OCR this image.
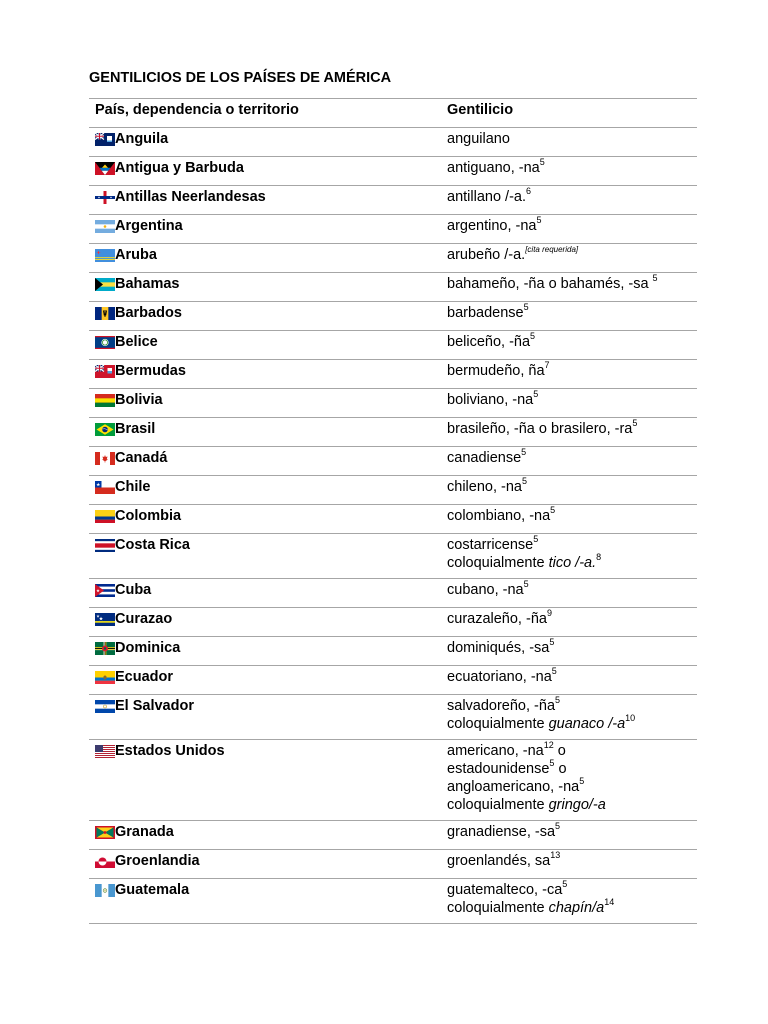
GENTILICIOS DE LOS PAÍSES DE AMÉRICA
País, dependencia o territorio	Gentilicio
Anguila	anguilano
Antigua y Barbuda	antiguano, $-na^5$
Antillas Neerlandesas	antillano /-a.$^6$
Argentina	argentino, $-na^5$
Aruba	arubeño /-a.[cita requerida]
Bahamas	bahameño, -ña o bahamés, -sa $^5$
Barbados	barbadense$^5$
Belice	beliceño, $-ña^5$
Bermudas	bermudeño, $ña^7$
Bolivia	boliviano, $-na^5$
Brasil	brasileño, -ña o brasilero, $-ra^5$
Canadá	canadiense$^5$
Chile	chileno, $-na^5$
Colombia	colombiano, $-na^5$
Costa Rica	costarricense$^5$
coloquialmente tico /-a.$^8$
Cuba	cubano, $-na^5$
Curazao	curazaleño, $-ña^9$
Dominica	dominiqués, $-sa^5$
Ecuador	ecuatoriano, $-na^5$
El Salvador	salvadoreño, $-ña^5$
coloquialmente guanaco $/-a^{10}$
Estados Unidos	americano, $-na^{12}$ o
estadounidense$^5$ o
angloamericano, $-na^5$
coloquialmente gringo/-a
Granada	granadiense, $-sa^5$
Groenlandia	groenlandés, $sa^{13}$
Guatemala	guatemalteco, $-ca^5$
coloquialmente chapín/$a^{14}$
